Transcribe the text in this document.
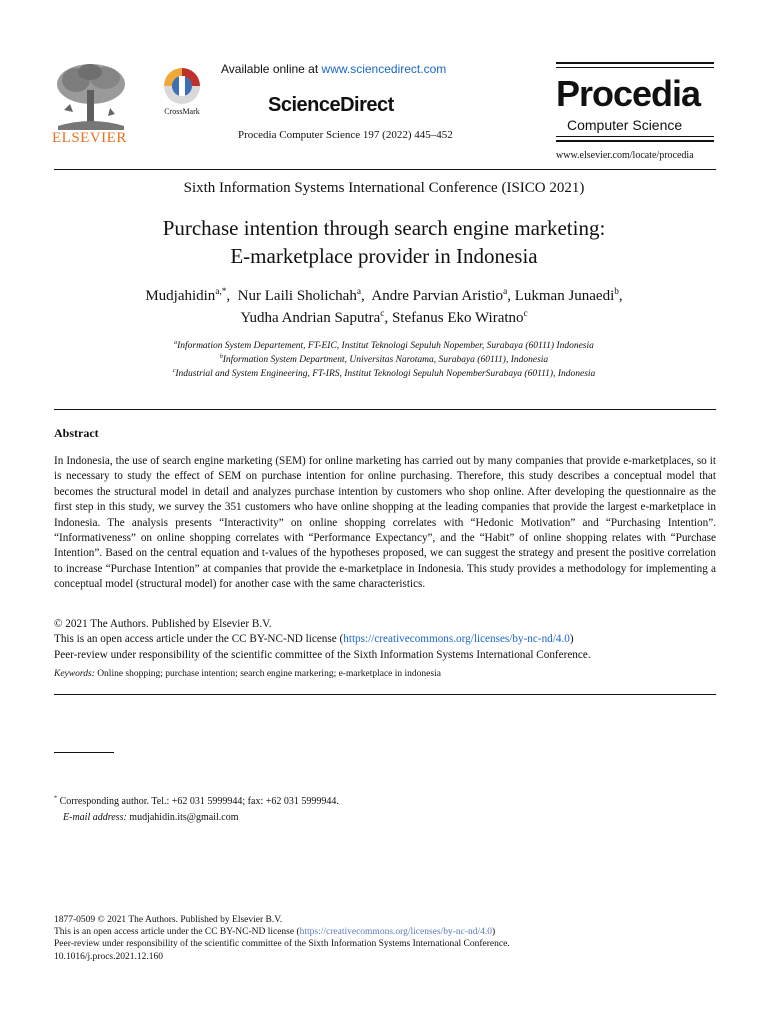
ELSEVIER
CrossMark
Available online at www.sciencedirect.com
ScienceDirect
Procedia Computer Science 197 (2022) 445–452
Procedia
Computer Science
www.elsevier.com/locate/procedia
Sixth Information Systems International Conference (ISICO 2021)
Purchase intention through search engine marketing:
E-marketplace provider in Indonesia
Mudjahidin$^{a,*}$,  Nur Laili Sholichah$^a$,  Andre Parvian Aristio$^a$, Lukman Junaedi$^b$,
Yudha Andrian Saputra$^c$, Stefanus Eko Wiratno$^c$
$^a$Information System Departement, FT-EIC, Institut Teknologi Sepuluh Nopember, Surabaya (60111) Indonesia
$^b$Information System Department, Universitas Narotama, Surabaya (60111), Indonesia
$^c$Industrial and System Engineering, FT-IRS, Institut Teknologi Sepuluh NopemberSurabaya (60111), Indonesia
Abstract
In Indonesia, the use of search engine marketing (SEM) for online marketing has carried out by many companies that provide e-marketplaces, so it is necessary to study the effect of SEM on purchase intention for online purchasing. Therefore, this study describes a conceptual model that becomes the structural model in detail and analyzes purchase intention by customers who shop online. After developing the questionnaire as the first step in this study, we survey the 351 customers who have online shopping at the leading companies that provide the largest e-marketplace in Indonesia. The analysis presents “Interactivity” on online shopping correlates with “Hedonic Motivation” and “Purchasing Intention”. “Informativeness” on online shopping correlates with “Performance Expectancy”, and the “Habit” of online shopping relates with “Purchase Intention”. Based on the central equation and t-values of the hypotheses proposed, we can suggest the strategy and present the positive correlation to increase “Purchase Intention” at companies that provide the e-marketplace in Indonesia. This study provides a methodology for implementing a conceptual model (structural model) for another case with the same characteristics.
© 2021 The Authors. Published by Elsevier B.V.
This is an open access article under the CC BY-NC-ND license (https://creativecommons.org/licenses/by-nc-nd/4.0)
Peer-review under responsibility of the scientific committee of the Sixth Information Systems International Conference.
Keywords: Online shopping; purchase intention; search engine markering; e-marketplace in indonesia
* Corresponding author. Tel.: +62 031 5999944; fax: +62 031 5999944.
E-mail address: mudjahidin.its@gmail.com
1877-0509 © 2021 The Authors. Published by Elsevier B.V.
This is an open access article under the CC BY-NC-ND license (https://creativecommons.org/licenses/by-nc-nd/4.0)
Peer-review under responsibility of the scientific committee of the Sixth Information Systems International Conference.
10.1016/j.procs.2021.12.160
